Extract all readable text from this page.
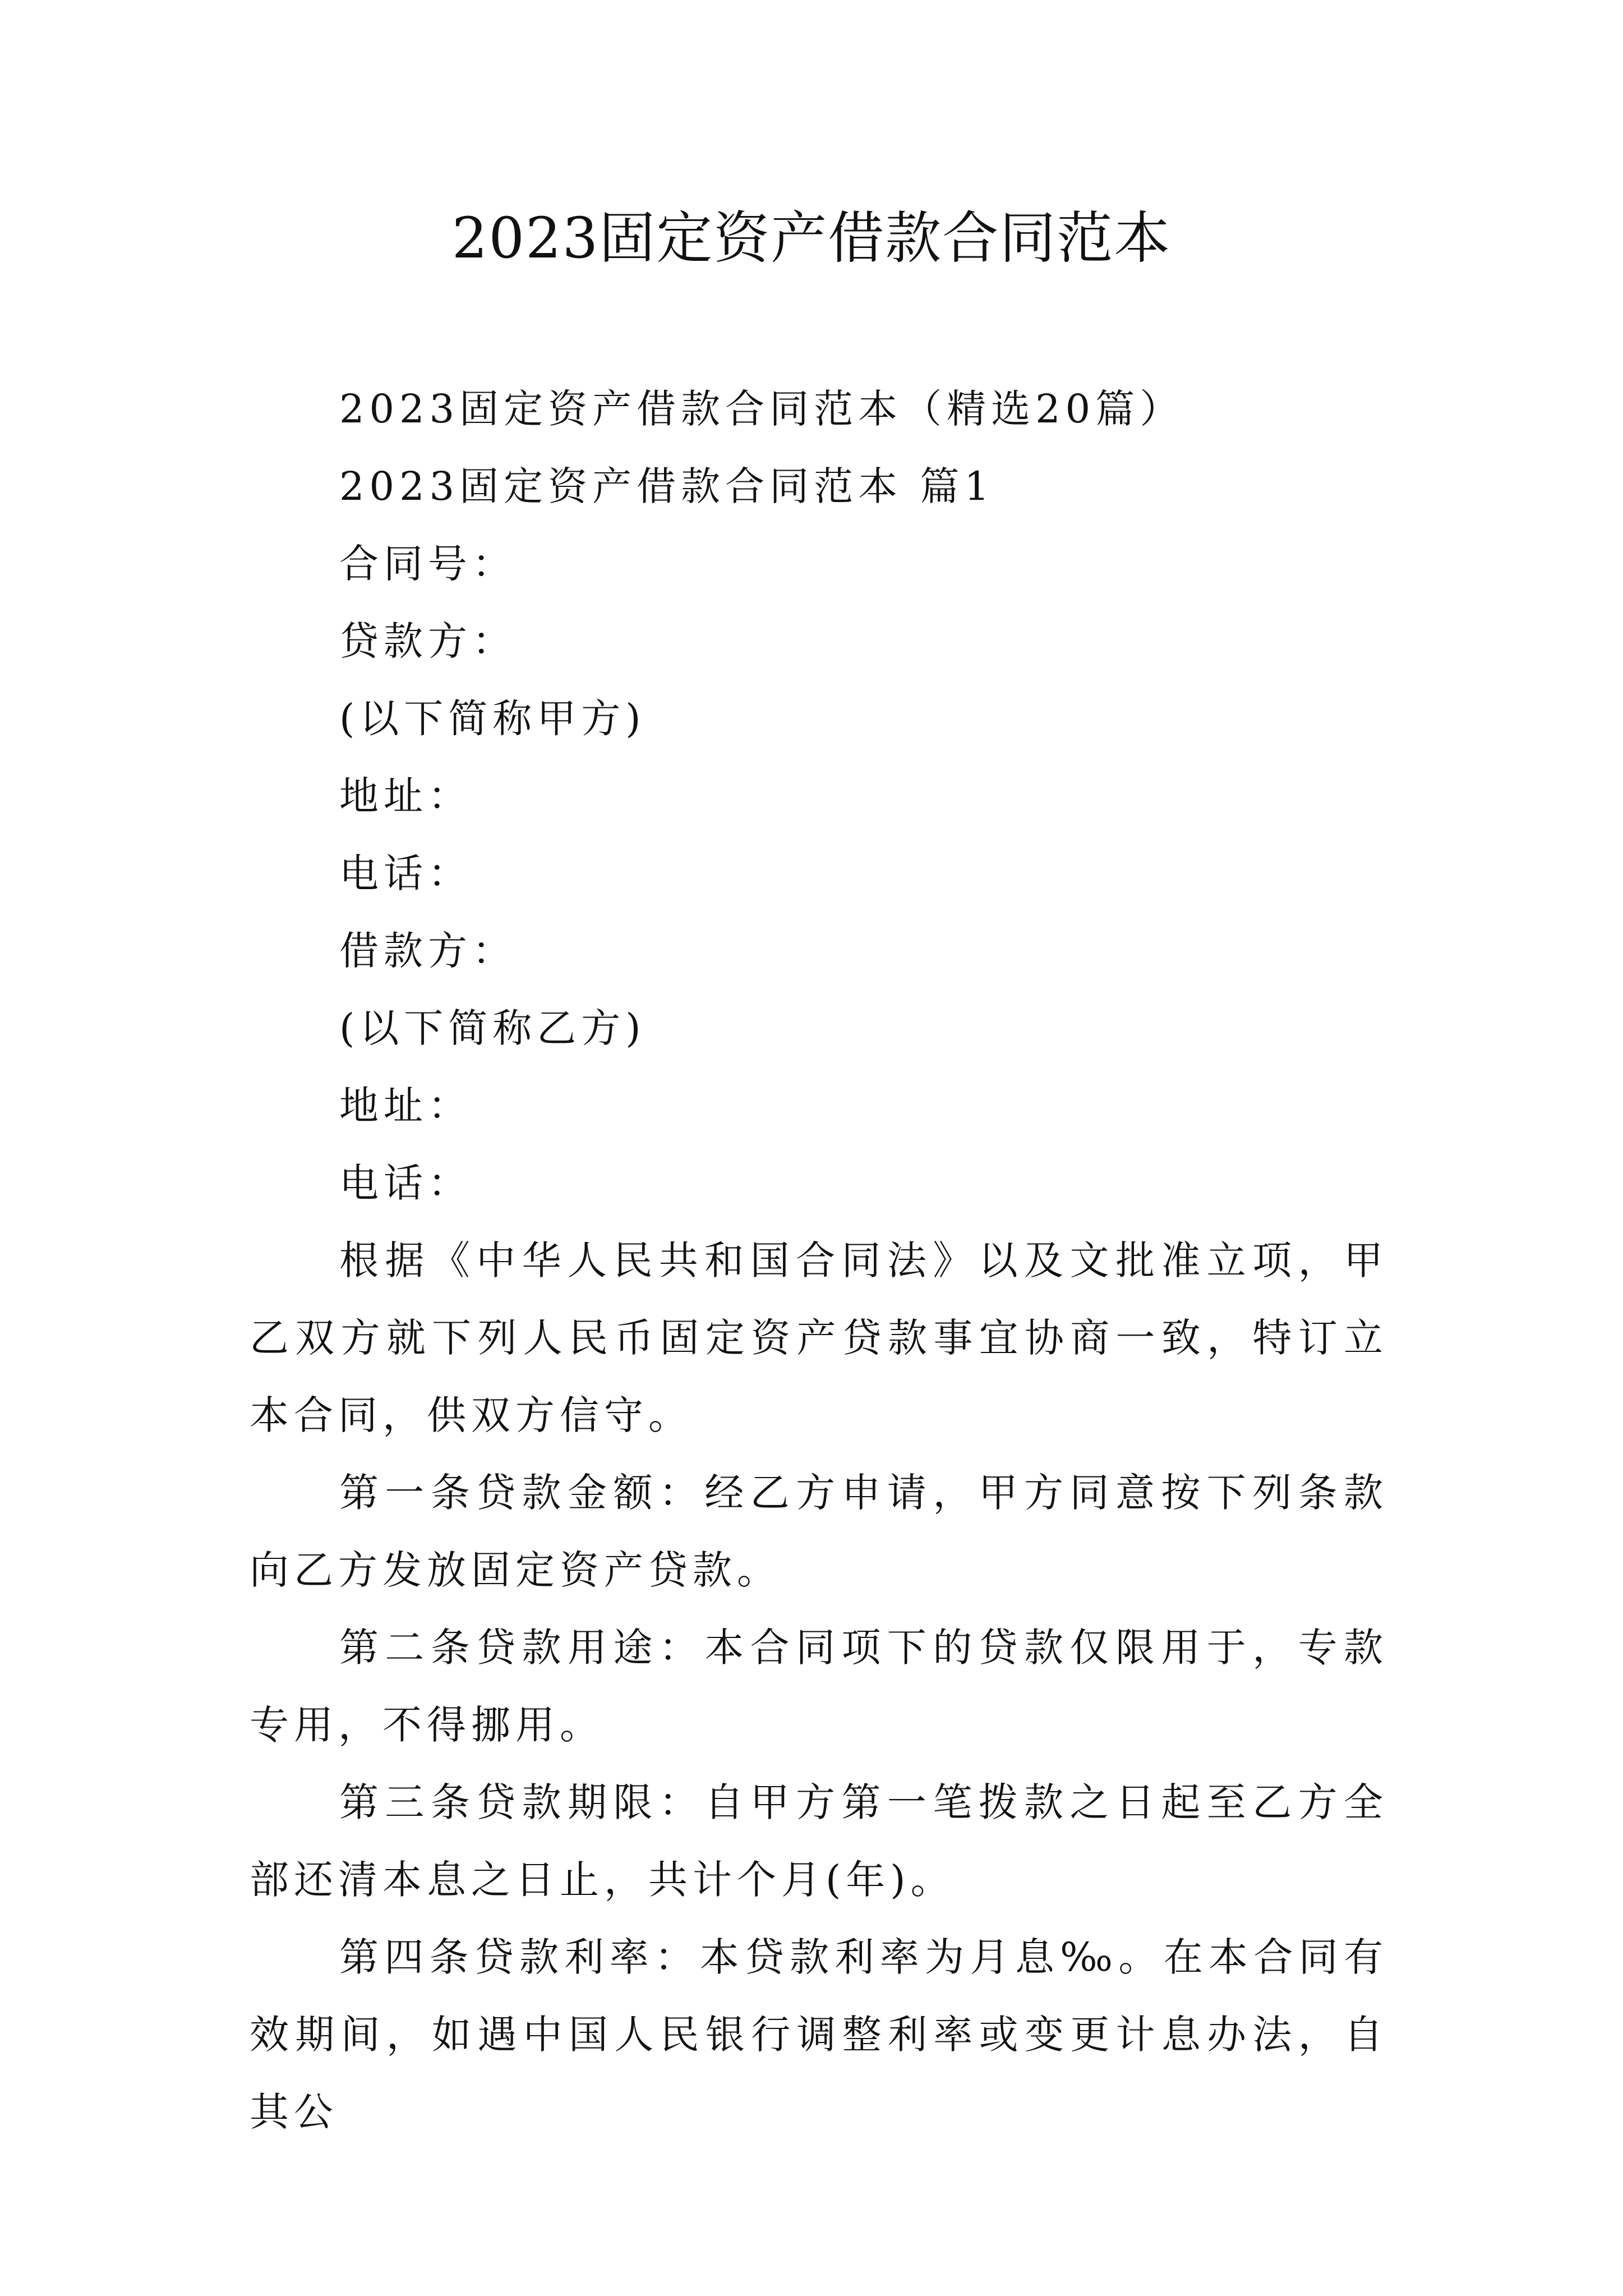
2023固定资产借款合同范本

2023固定资产借款合同范本（精选20篇）

2023固定资产借款合同范本 篇1

合同号：

贷款方：

(以下简称甲方)

地址：

电话：

借款方：

(以下简称乙方)

地址：

电话：

根据《中华人民共和国合同法》以及文批准立项，甲乙双方就下列人民币固定资产贷款事宜协商一致，特订立本合同，供双方信守。

第一条贷款金额：经乙方申请，甲方同意按下列条款向乙方发放固定资产贷款。

第二条贷款用途：本合同项下的贷款仅限用于，专款专用，不得挪用。

第三条贷款期限：自甲方第一笔拨款之日起至乙方全部还清本息之日止，共计个月(年)。

第四条贷款利率：本贷款利率为月息‰。在本合同有效期间，如遇中国人民银行调整利率或变更计息办法，自其公
